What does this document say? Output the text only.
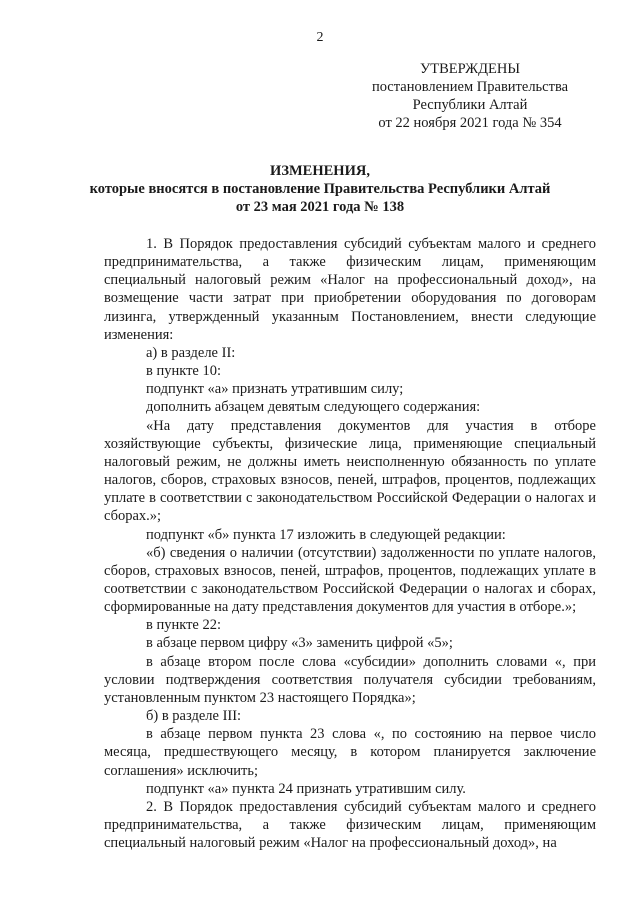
2
УТВЕРЖДЕНЫ
постановлением Правительства
Республики Алтай
от 22 ноября 2021 года № 354
ИЗМЕНЕНИЯ,
которые вносятся в постановление Правительства Республики Алтай
от 23 мая 2021 года № 138

1. В Порядок предоставления субсидий субъектам малого и среднего предпринимательства, а также физическим лицам, применяющим специальный налоговый режим «Налог на профессиональный доход», на возмещение части затрат при приобретении оборудования по договорам лизинга, утвержденный указанным Постановлением, внести следующие изменения:

а) в разделе II:

в пункте 10:

подпункт «а» признать утратившим силу;

дополнить абзацем девятым следующего содержания:

«На дату представления документов для участия в отборе хозяйствующие субъекты, физические лица, применяющие специальный налоговый режим, не должны иметь неисполненную обязанность по уплате налогов, сборов, страховых взносов, пеней, штрафов, процентов, подлежащих уплате в соответствии с законодательством Российской Федерации о налогах и сборах.»;

подпункт «б» пункта 17 изложить в следующей редакции:

«б) сведения о наличии (отсутствии) задолженности по уплате налогов, сборов, страховых взносов, пеней, штрафов, процентов, подлежащих уплате в соответствии с законодательством Российской Федерации о налогах и сборах, сформированные на дату представления документов для участия в отборе.»;

в пункте 22:

в абзаце первом цифру «3» заменить цифрой «5»;

в абзаце втором после слова «субсидии» дополнить словами «, при условии подтверждения соответствия получателя субсидии требованиям, установленным пунктом 23 настоящего Порядка»;

б) в разделе III:

в абзаце первом пункта 23 слова «, по состоянию на первое число месяца, предшествующего месяцу, в котором планируется заключение соглашения» исключить;

подпункт «а» пункта 24 признать утратившим силу.

2. В Порядок предоставления субсидий субъектам малого и среднего предпринимательства, а также физическим лицам, применяющим специальный налоговый режим «Налог на профессиональный доход», на
